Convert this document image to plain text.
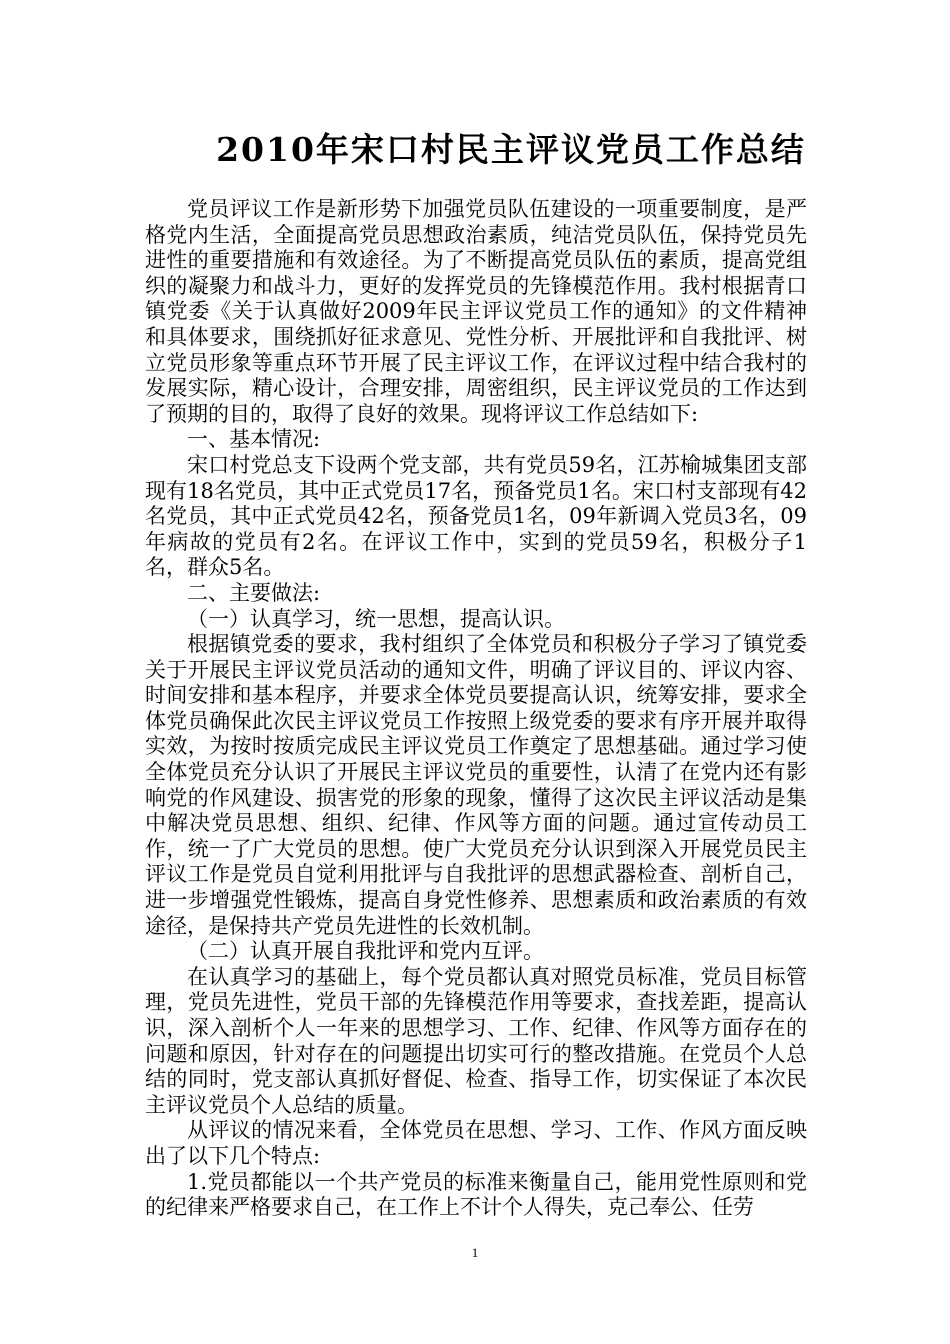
2010年宋口村民主评议党员工作总结

党员评议工作是新形势下加强党员队伍建设的一项重要制度，是严格党内生活，全面提高党员思想政治素质，纯洁党员队伍，保持党员先进性的重要措施和有效途径。为了不断提高党员队伍的素质，提高党组织的凝聚力和战斗力，更好的发挥党员的先锋模范作用。我村根据青口镇党委《关于认真做好2009年民主评议党员工作的通知》的文件精神和具体要求，围绕抓好征求意见、党性分析、开展批评和自我批评、树立党员形象等重点环节开展了民主评议工作，在评议过程中结合我村的发展实际，精心设计，合理安排，周密组织，民主评议党员的工作达到了预期的目的，取得了良好的效果。现将评议工作总结如下:

一、基本情况:

宋口村党总支下设两个党支部，共有党员59名，江苏榆城集团支部现有18名党员，其中正式党员17名，预备党员1名。宋口村支部现有42名党员，其中正式党员42名，预备党员1名，09年新调入党员3名，09年病故的党员有2名。在评议工作中，实到的党员59名，积极分子1名，群众5名。

二、主要做法:

（一）认真学习，统一思想，提高认识。

根据镇党委的要求，我村组织了全体党员和积极分子学习了镇党委关于开展民主评议党员活动的通知文件，明确了评议目的、评议内容、时间安排和基本程序，并要求全体党员要提高认识，统筹安排，要求全体党员确保此次民主评议党员工作按照上级党委的要求有序开展并取得实效，为按时按质完成民主评议党员工作奠定了思想基础。通过学习使全体党员充分认识了开展民主评议党员的重要性，认清了在党内还有影响党的作风建设、损害党的形象的现象，懂得了这次民主评议活动是集中解决党员思想、组织、纪律、作风等方面的问题。通过宣传动员工作，统一了广大党员的思想。使广大党员充分认识到深入开展党员民主评议工作是党员自觉利用批评与自我批评的思想武器检查、剖析自己，进一步增强党性锻炼，提高自身党性修养、思想素质和政治素质的有效途径，是保持共产党员先进性的长效机制。

（二）认真开展自我批评和党内互评。

在认真学习的基础上，每个党员都认真对照党员标准，党员目标管理，党员先进性，党员干部的先锋模范作用等要求，查找差距，提高认识，深入剖析个人一年来的思想学习、工作、纪律、作风等方面存在的问题和原因，针对存在的问题提出切实可行的整改措施。在党员个人总结的同时，党支部认真抓好督促、检查、指导工作，切实保证了本次民主评议党员个人总结的质量。

从评议的情况来看，全体党员在思想、学习、工作、作风方面反映出了以下几个特点:

1.党员都能以一个共产党员的标准来衡量自己，能用党性原则和党的纪律来严格要求自己，在工作上不计个人得失，克己奉公、任劳

1
